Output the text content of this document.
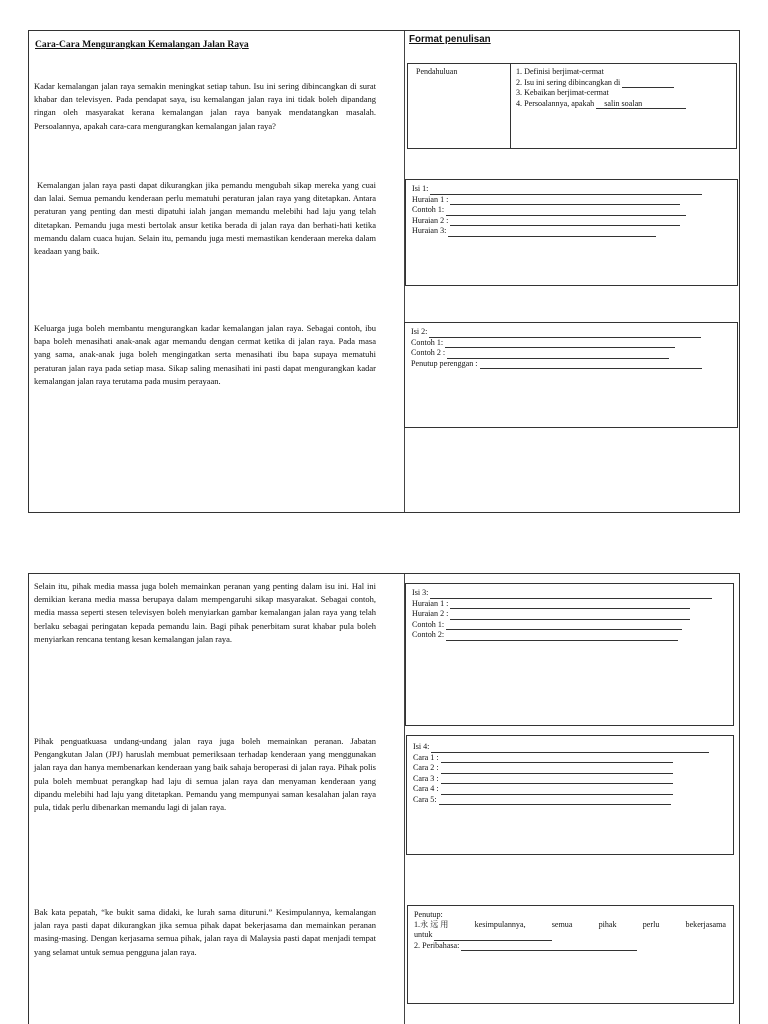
Cara-Cara Mengurangkan Kemalangan Jalan Raya	Format penulisan

Kadar kemalangan jalan raya semakin meningkat setiap tahun. Isu ini sering dibincangkan di surat khabar dan televisyen. Pada pendapat saya, isu kemalangan jalan raya ini tidak boleh dipandang ringan oleh masyarakat kerana kemalangan jalan raya banyak mendatangkan masalah. Persoalannya, apakah cara-cara mengurangkan kemalangan jalan raya?

Kemalangan jalan raya pasti dapat dikurangkan jika pemandu mengubah sikap mereka yang cuai dan lalai. Semua pemandu kenderaan perlu mematuhi peraturan jalan raya yang ditetapkan. Antara peraturan yang penting dan mesti dipatuhi ialah jangan memandu melebihi had laju yang telah ditetapkan. Pemandu juga mesti bertolak ansur ketika berada di jalan raya dan berhati-hati ketika memandu dalam cuaca hujan. Selain itu, pemandu juga mesti memastikan kenderaan mereka dalam keadaan yang baik.

Keluarga juga boleh membantu mengurangkan kadar kemalangan jalan raya. Sebagai contoh, ibu bapa boleh menasihati anak-anak agar memandu dengan cermat ketika di jalan raya. Pada masa yang sama, anak-anak juga boleh mengingatkan serta menasihati ibu bapa supaya mematuhi peraturan jalan raya pada setiap masa. Sikap saling menasihati ini pasti dapat mengurangkan kadar kemalangan jalan raya terutama pada musim perayaan.

Pendahuluan	1. Definisi berjimat-cermat
2. Isu ini sering dibincangkan di
3. Kebaikan berjimat-cermat
4. Persoalannya, apakah salin soalan
Isi 1:
Huraian 1 :
Contoh 1:
Huraian 2 :
Huraian 3:
Isi 2:
Contoh 1:
Contoh 2 :
Penutup perenggan :

Selain itu, pihak media massa juga boleh memainkan peranan yang penting dalam isu ini. Hal ini demikian kerana media massa berupaya dalam mempengaruhi sikap masyarakat. Sebagai contoh, media massa seperti stesen televisyen boleh menyiarkan gambar kemalangan jalan raya yang telah berlaku sebagai peringatan kepada pemandu lain. Bagi pihak penerbitam surat khabar pula boleh menyiarkan rencana tentang kesan kemalangan jalan raya.

Pihak penguatkuasa undang-undang jalan raya juga boleh memainkan peranan. Jabatan Pengangkutan Jalan (JPJ) haruslah membuat pemeriksaan terhadap kenderaan yang menggunakan jalan raya dan hanya membenarkan kenderaan yang baik sahaja beroperasi di jalan raya. Pihak polis pula boleh membuat perangkap had laju di semua jalan raya dan menyaman kenderaan yang dipandu melebihi had laju yang ditetapkan. Pemandu yang mempunyai saman kesalahan jalan raya pula, tidak perlu dibenarkan memandu lagi di jalan raya.

Bak kata pepatah, “ke bukit sama didaki, ke lurah sama dituruni.” Kesimpulannya, kemalangan jalan raya pasti dapat dikurangkan jika semua pihak dapat bekerjasama dan memainkan peranan masing-masing. Dengan kerjasama semua pihak, jalan raya di Malaysia pasti dapat menjadi tempat yang selamat untuk semua pengguna jalan raya.

Isi 3:
Huraian 1 :
Huraian 2 :
Contoh 1:
Contoh 2:
Isi 4:
Cara 1 :
Cara 2 :
Cara 3 :
Cara 4 :
Cara 5:
Penutup:
1.永 远 用	kesimpulannya,	semua	pihak	perlu	bekerjasama
untuk
2. Peribahasa:
